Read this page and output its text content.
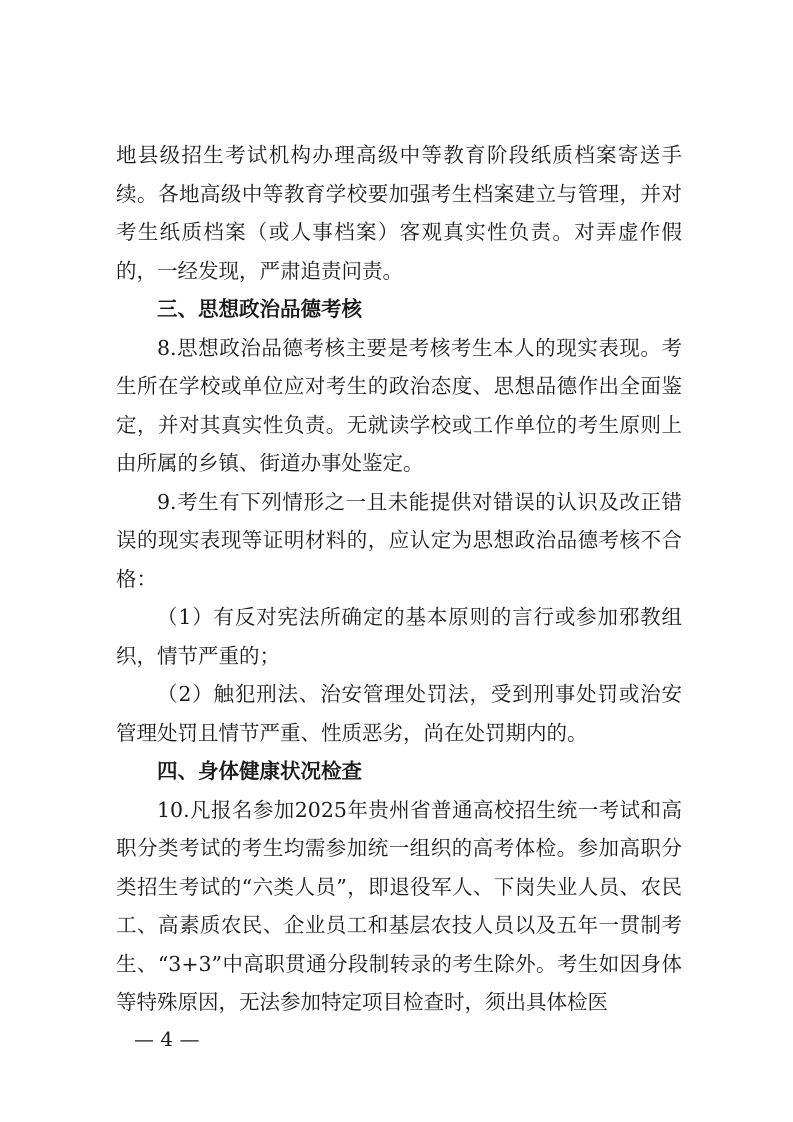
地县级招生考试机构办理高级中等教育阶段纸质档案寄送手续。各地高级中等教育学校要加强考生档案建立与管理，并对考生纸质档案（或人事档案）客观真实性负责。对弄虚作假的，一经发现，严肃追责问责。

三、思想政治品德考核

8.思想政治品德考核主要是考核考生本人的现实表现。考生所在学校或单位应对考生的政治态度、思想品德作出全面鉴定，并对其真实性负责。无就读学校或工作单位的考生原则上由所属的乡镇、街道办事处鉴定。

9.考生有下列情形之一且未能提供对错误的认识及改正错误的现实表现等证明材料的，应认定为思想政治品德考核不合格：

（1）有反对宪法所确定的基本原则的言行或参加邪教组织，情节严重的；

（2）触犯刑法、治安管理处罚法，受到刑事处罚或治安管理处罚且情节严重、性质恶劣，尚在处罚期内的。

四、身体健康状况检查

10.凡报名参加2025年贵州省普通高校招生统一考试和高职分类考试的考生均需参加统一组织的高考体检。参加高职分类招生考试的“六类人员”，即退役军人、下岗失业人员、农民工、高素质农民、企业员工和基层农技人员以及五年一贯制考生、“3+3”中高职贯通分段制转录的考生除外。考生如因身体等特殊原因，无法参加特定项目检查时，须出具体检医

— 4 —
